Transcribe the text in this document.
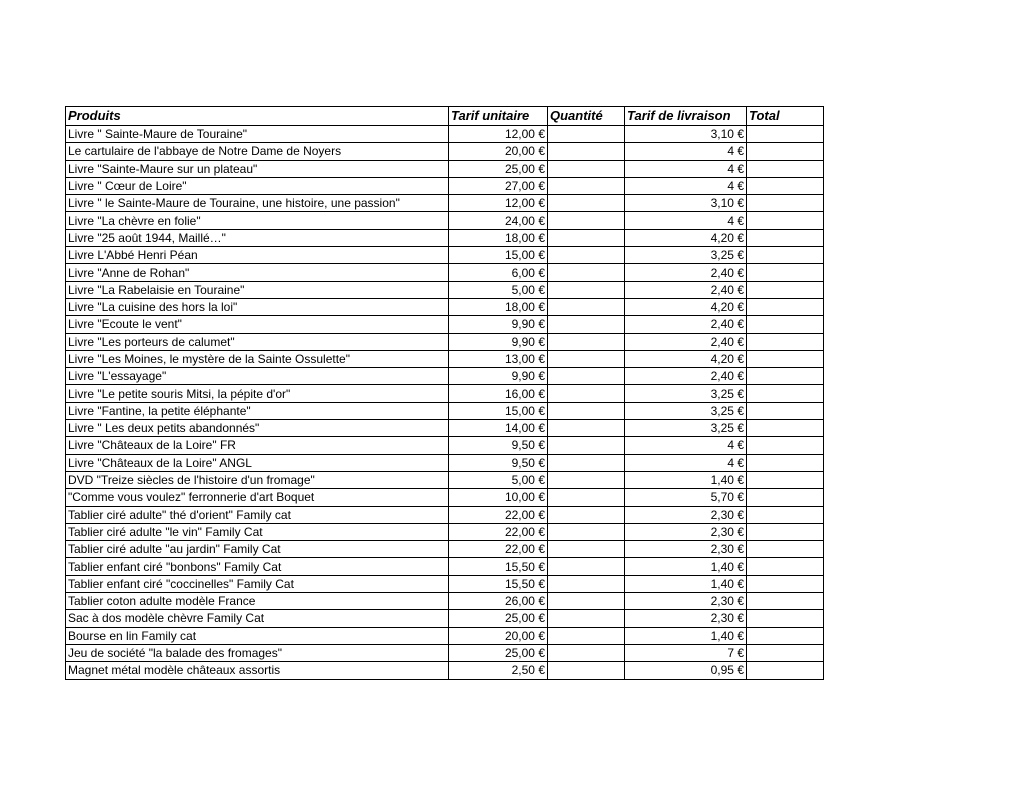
Produits	Tarif unitaire	Quantité	Tarif de livraison	Total
Livre " Sainte-Maure de Touraine"	12,00 €		3,10 €	
Le cartulaire de l'abbaye de Notre Dame de Noyers	20,00 €		4 €	
Livre "Sainte-Maure sur un plateau"	25,00 €		4 €	
Livre " Cœur de Loire"	27,00 €		4 €	
Livre " le Sainte-Maure de Touraine, une histoire, une passion"	12,00 €		3,10 €	
Livre "La chèvre en folie"	24,00 €		4 €	
Livre "25 août 1944, Maillé…"	18,00 €		4,20 €	
Livre L'Abbé Henri Péan	15,00 €		3,25 €	
Livre "Anne de Rohan"	6,00 €		2,40 €	
Livre "La Rabelaisie en Touraine"	5,00 €		2,40 €	
Livre "La cuisine des hors la loi"	18,00 €		4,20 €	
Livre "Ecoute le vent"	9,90 €		2,40 €	
Livre "Les porteurs de calumet"	9,90 €		2,40 €	
Livre "Les Moines, le mystère de la Sainte Ossulette"	13,00 €		4,20 €	
Livre "L'essayage"	9,90 €		2,40 €	
Livre "Le petite souris Mitsi, la pépite d'or"	16,00 €		3,25 €	
Livre "Fantine, la petite éléphante"	15,00 €		3,25 €	
Livre " Les deux petits abandonnés"	14,00 €		3,25 €	
Livre "Châteaux de la Loire" FR	9,50 €		4 €	
Livre "Châteaux de la Loire" ANGL	9,50 €		4 €	
DVD "Treize siècles de l'histoire d'un fromage"	5,00 €		1,40 €	
"Comme vous voulez" ferronnerie d'art Boquet	10,00 €		5,70 €	
Tablier ciré adulte" thé d'orient" Family cat	22,00 €		2,30 €	
Tablier ciré adulte "le vin" Family Cat	22,00 €		2,30 €	
Tablier ciré adulte "au jardin" Family Cat	22,00 €		2,30 €	
Tablier enfant ciré "bonbons" Family Cat	15,50 €		1,40 €	
Tablier enfant ciré "coccinelles" Family Cat	15,50 €		1,40 €	
Tablier coton adulte modèle France	26,00 €		2,30 €	
Sac à dos modèle chèvre Family Cat	25,00 €		2,30 €	
Bourse en lin Family cat	20,00 €		1,40 €	
Jeu de société "la balade des fromages"	25,00 €		7 €	
Magnet métal modèle châteaux assortis	2,50 €		0,95 €	
